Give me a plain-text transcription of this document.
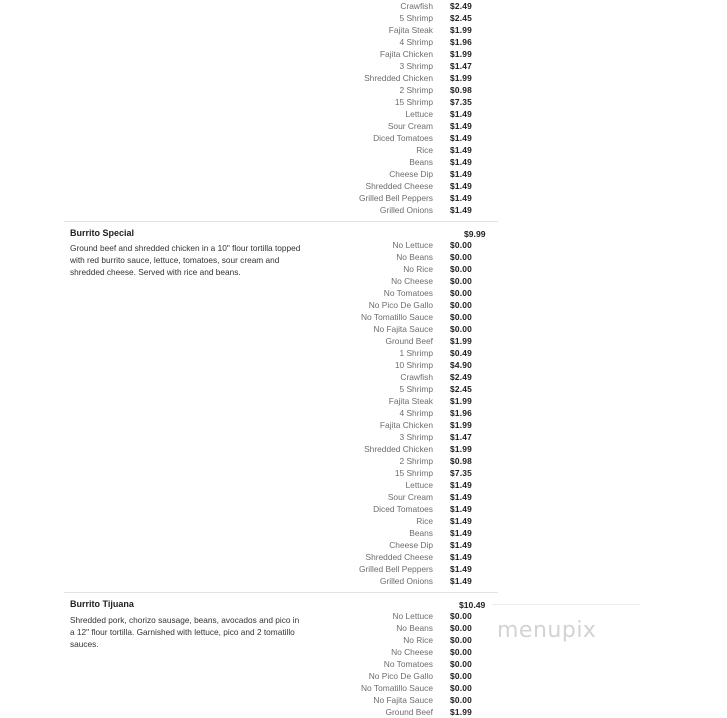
Crawfish	$2.49
5 Shrimp	$2.45
Fajita Steak	$1.99
4 Shrimp	$1.96
Fajita Chicken	$1.99
3 Shrimp	$1.47
Shredded Chicken	$1.99
2 Shrimp	$0.98
15 Shrimp	$7.35
Lettuce	$1.49
Sour Cream	$1.49
Diced Tomatoes	$1.49
Rice	$1.49
Beans	$1.49
Cheese Dip	$1.49
Shredded Cheese	$1.49
Grilled Bell Peppers	$1.49
Grilled Onions	$1.49
Burrito Special
Ground beef and shredded chicken in a 10" flour tortilla topped with red burrito sauce, lettuce, tomatoes, sour cream and shredded cheese. Served with rice and beans.
$9.99
No Lettuce	$0.00
No Beans	$0.00
No Rice	$0.00
No Cheese	$0.00
No Tomatoes	$0.00
No Pico De Gallo	$0.00
No Tomatillo Sauce	$0.00
No Fajita Sauce	$0.00
Ground Beef	$1.99
1 Shrimp	$0.49
10 Shrimp	$4.90
Crawfish	$2.49
5 Shrimp	$2.45
Fajita Steak	$1.99
4 Shrimp	$1.96
Fajita Chicken	$1.99
3 Shrimp	$1.47
Shredded Chicken	$1.99
2 Shrimp	$0.98
15 Shrimp	$7.35
Lettuce	$1.49
Sour Cream	$1.49
Diced Tomatoes	$1.49
Rice	$1.49
Beans	$1.49
Cheese Dip	$1.49
Shredded Cheese	$1.49
Grilled Bell Peppers	$1.49
Grilled Onions	$1.49
Burrito Tijuana
Shredded pork, chorizo sausage, beans, avocados and pico in a 12" flour tortilla. Garnished with lettuce, pico and 2 tomatillo sauces.
$10.49
No Lettuce	$0.00
No Beans	$0.00
No Rice	$0.00
No Cheese	$0.00
No Tomatoes	$0.00
No Pico De Gallo	$0.00
No Tomatillo Sauce	$0.00
No Fajita Sauce	$0.00
Ground Beef	$1.99
menupix
